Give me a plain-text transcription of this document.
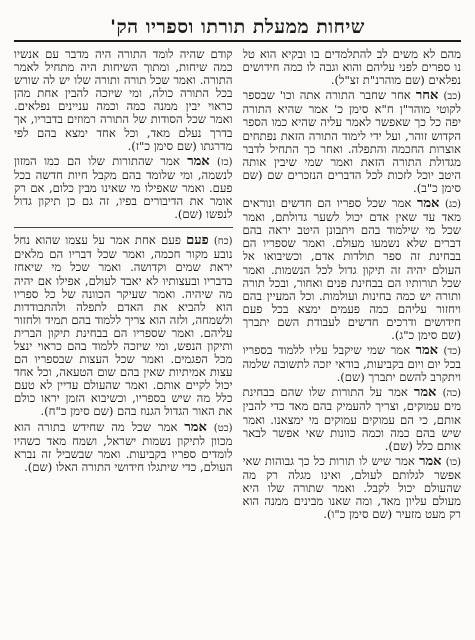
שיחות ממעלת תורתו וספריו הק'

מהם לא משים לב להתלמדים בו ובקיא הוא טל נו ספרים לפני עליהם והוא וגבה לו כמה חידושים נפלאים (שם מוהרנ"ת זצ"ל).

(כב) אחר אחר שחבר התורה אתה וכו' שבספר לקוטי מוהר"ן ח"א סימן כ' אמר שהיא התורה יפה כל כך שאפשר לאמר עליה שהיא כמו הספר הקדוש זוהר, ועל ידי לימוד התורה הזאת נפתחים אוצרות החכמה והתפלה. ואחר כך התחיל לדבר מגדולת התורה הזאת ואמר שמי שיבין אותה היטב יוכל לזכות לכל הדברים הנזכרים שם (שם סימן כ"ב).

(כג) אמר אמר שכל ספריו הם חדשים ונוראים מאד עד שאין אדם יכול לשער גדולתם, ואמר שכל מי שילמוד בהם ויתבונן היטב יראה בהם דברים שלא נשמעו מעולם. ואמר שספריו הם בבחינת זה ספר תולדות אדם, וכשיבואו אל העולם יהיה זה תיקון גדול לכל הנשמות. ואמר שכל תורותיו הם בבחינת פנים ואחור, ובכל תורה ותורה יש כמה בחינות ועולמות. וכל המעיין בהם ויחזור עליהם כמה פעמים ימצא בכל פעם חידושים ודרכים חדשים לעבודת השם יתברך (שם סימן כ"ג).

(כד) אמר אמר שמי שיקבל עליו ללמוד בספריו בכל יום ויום בקביעות, בודאי יזכה לתשובה שלמה ויתקרב להשם יתברך (שם).

(כה) אמר אמר על התורות שלו שהם בבחינת מים עמוקים, וצריך להעמיק בהם מאד כדי להבין אותם, כי הם עמוקים עמוקים מי ימצאנו. ואמר שיש בהם כמה וכמה כוונות שאי אפשר לבאר אותם כלל (שם).

(כו) אמר אמר שיש לו תורות כל כך גבוהות שאי אפשר לגלותם לעולם, ואינו מגלה רק מה שהעולם יכול לקבל. ואמר שתורה שלו היא מעולם עליון מאד, ומה שאנו מבינים ממנה הוא רק מעט מזעיר (שם סימן כ"ו).

קודם שהיה לומד התורה היה מדבר עם אנשיו כמה שיחות, ומתוך השיחות היה מתחיל לאמר התורה. ואמר שכל תורה ותורה שלו יש לה שורש בכל התורה כולה, ומי שיזכה להבין אחת מהן כראוי יבין ממנה כמה וכמה עניינים נפלאים. ואמר שכל הסודות של התורה רמוזים בדבריו, אך בדרך נעלם מאד, וכל אחד ימצא בהם לפי מדרגתו (שם סימן כ"ז).

(כז) אמר אמר שהתורות שלו הם כמו המזון לנשמה, ומי שלומד בהם מקבל חיות חדשה בכל פעם. ואמר שאפילו מי שאינו מבין כלום, אם רק אומר את הדיבורים בפיו, זה גם כן תיקון גדול לנפשו (שם).

(כח) פעם פעם אחת אמר על עצמו שהוא נחל נובע מקור חכמה, ואמר שכל דבריו הם מלאים יראת שמים וקדושה. ואמר שכל מי שיאחז בדבריו ובעצותיו לא יאבד לעולם, אפילו אם יהיה מה שיהיה. ואמר שעיקר הכוונה של כל ספריו הוא להביא את האדם לתפלה ולהתבודדות ולשמחה, ולזה הוא צריך ללמוד בהם תמיד ולחזור עליהם. ואמר שספריו הם בבחינת תיקון הברית ותיקון הנפש, ומי שיזכה ללמוד בהם כראוי ינצל מכל הפגמים. ואמר שכל העצות שבספריו הם עצות אמיתיות שאין בהם שום הטעאה, וכל אחד יכול לקיים אותם. ואמר שהעולם עדיין לא טעם כלל מה שיש בספריו, וכשיבוא הזמן יראו כולם את האור הגדול הגנוז בהם (שם סימן כ"ח).

(כט) אמר אמר שכל מה שחידש בתורה הוא מכוון לתיקון נשמות ישראל, ושמח מאד כשהיו לומדים ספריו בקביעות. ואמר שבשביל זה נברא העולם, כדי שיתגלו חידושי התורה האלו (שם).
